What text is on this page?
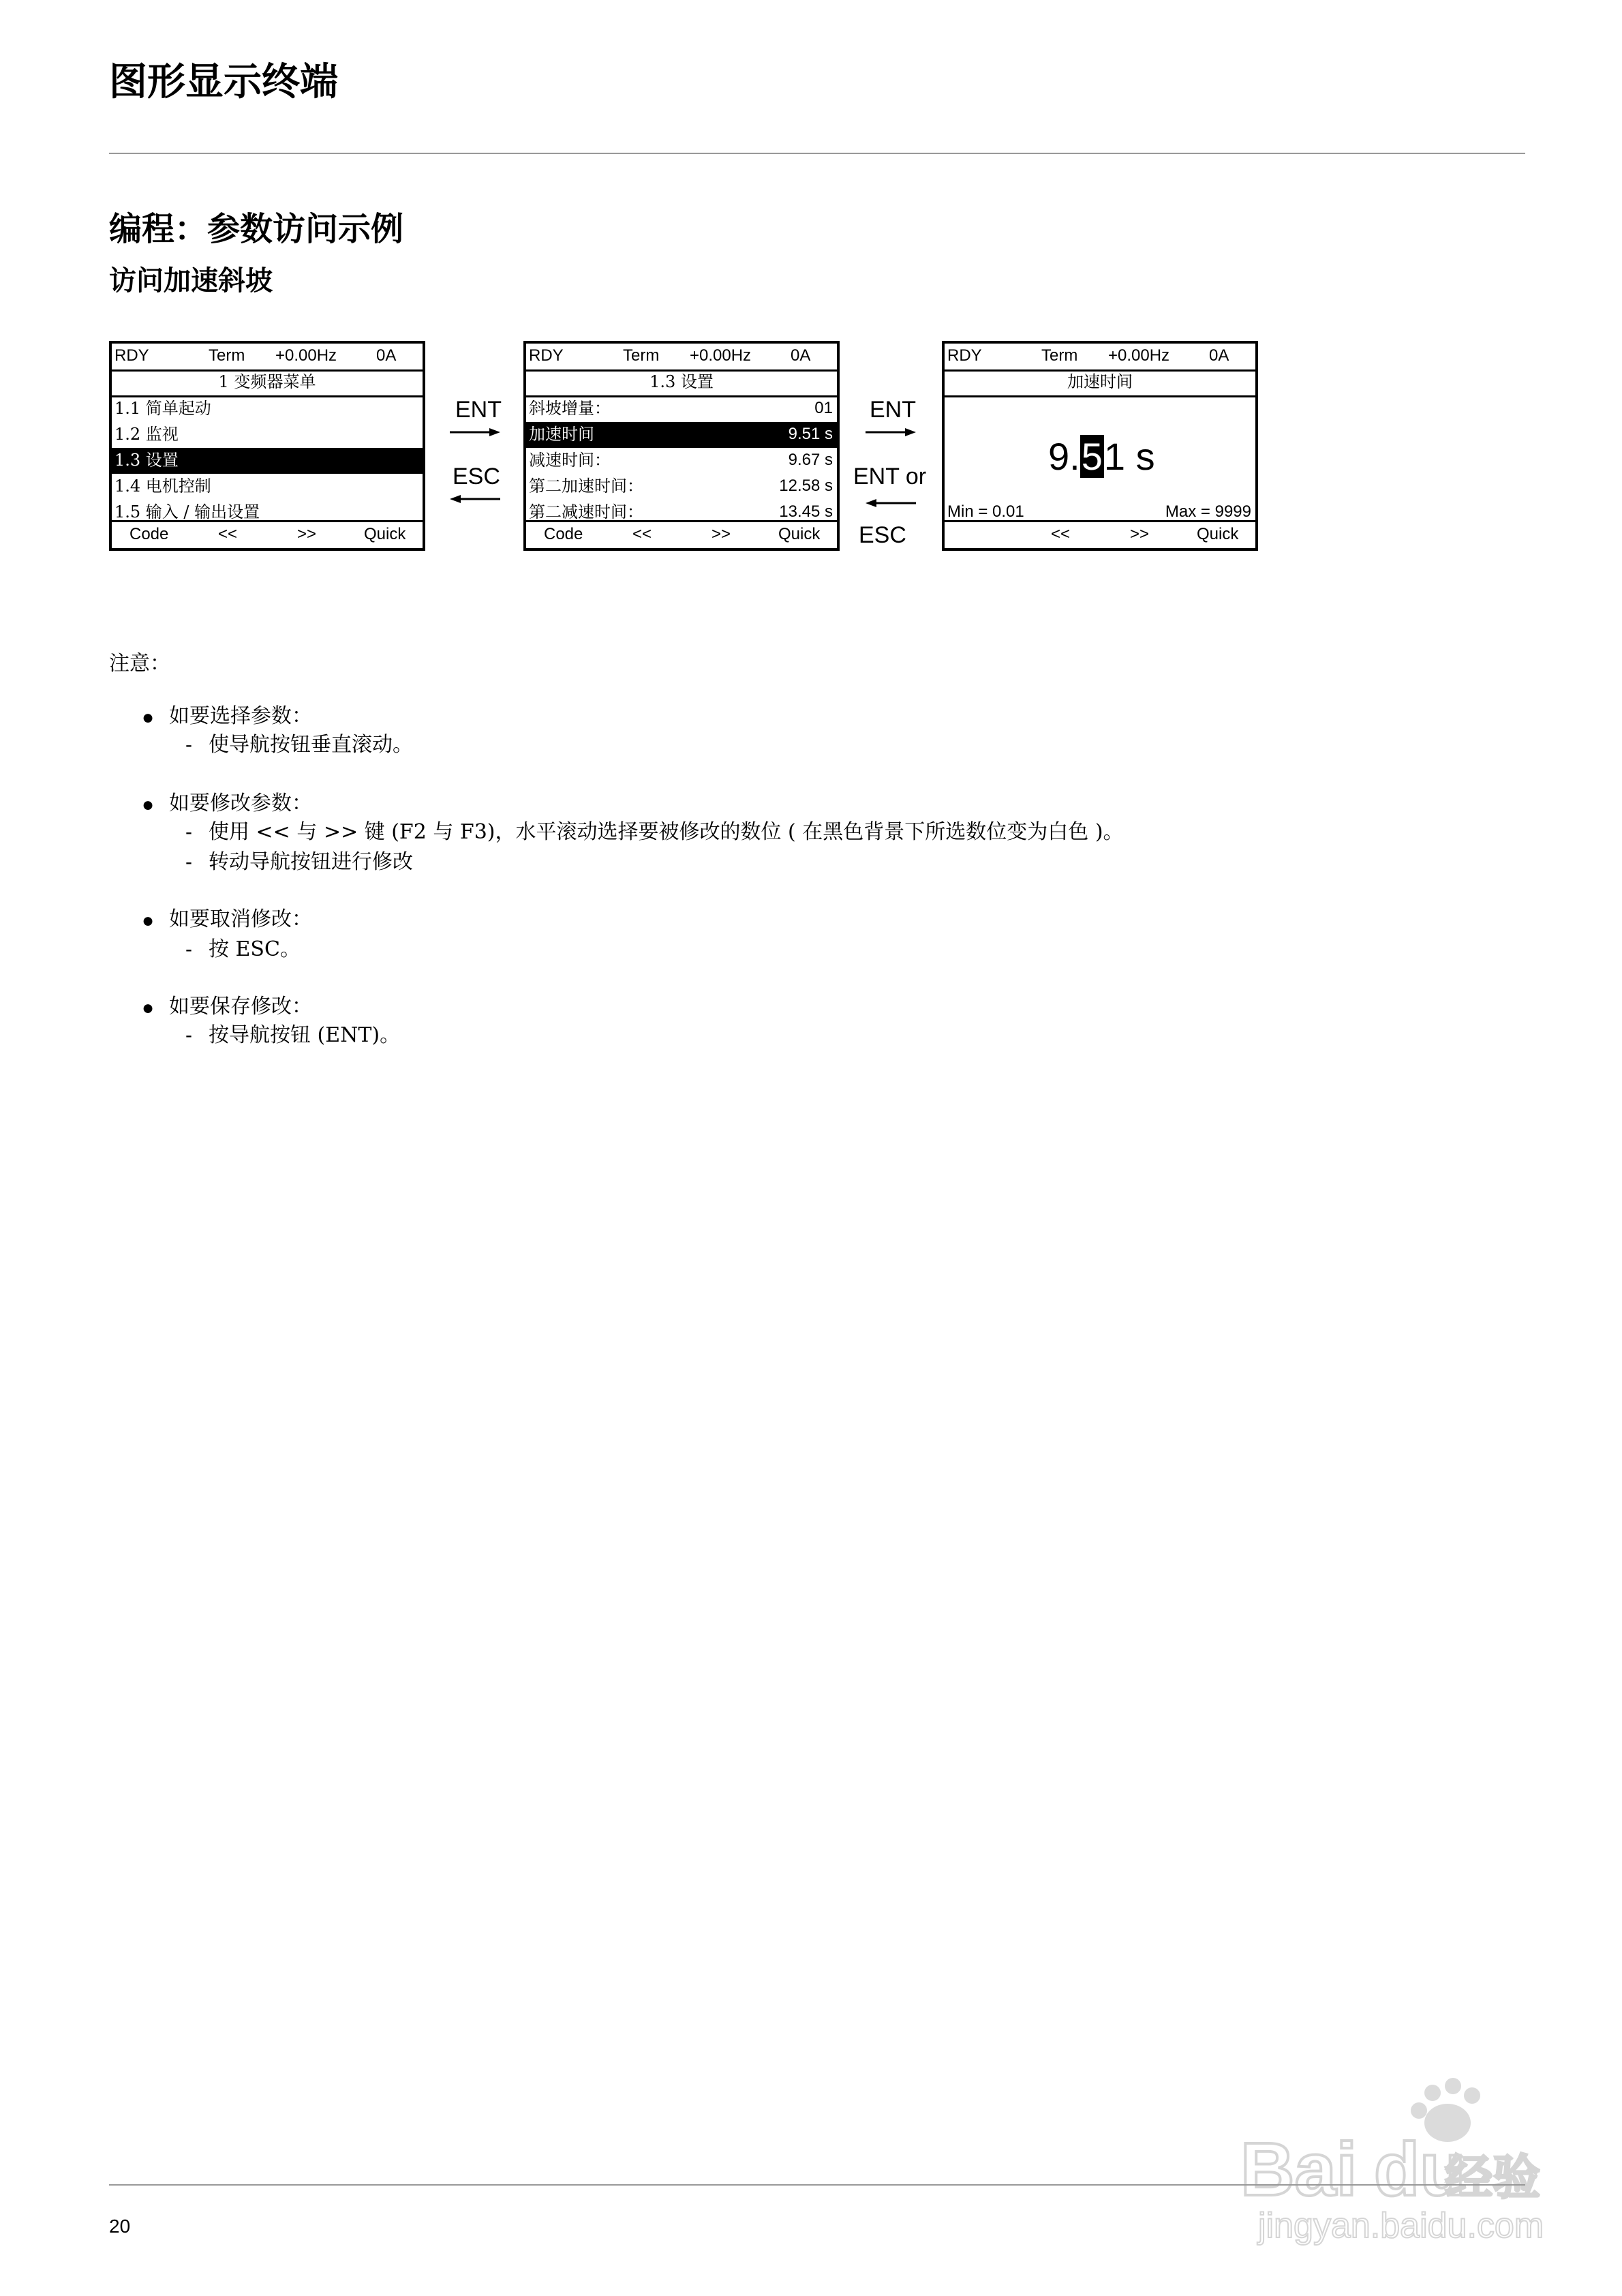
图形显示终端
编程：参数访问示例
访问加速斜坡
RDY	Term +0.00Hz 0A
1 变频器菜单
1.1 简单起动
1.2 监视
1.3 设置
1.4 电机控制
1.5 输入 / 输出设置
Code	<<	>>	Quick
ENT
ESC
RDY	Term +0.00Hz 0A
1.3 设置
斜坡增量：	01
加速时间	9.51 s
减速时间：	9.67 s
第二加速时间：	12.58 s
第二减速时间：	13.45 s
Code	<<	>>	Quick
ENT
ENT or
ESC
RDY	Term +0.00Hz 0A
加速时间
9.51 s
Min = 0.01	Max = 9999
<<	>>	Quick
注意：
● 如要选择参数：
- 使导航按钮垂直滚动。
● 如要修改参数：
- 使用 << 与 >> 键 (F2 与 F3)，水平滚动选择要被修改的数位 ( 在黑色背景下所选数位变为白色 )。
- 转动导航按钮进行修改
● 如要取消修改：
- 按 ESC。
● 如要保存修改：
- 按导航按钮 (ENT)。
Bai du
经验
jingyan.baidu.com
20
